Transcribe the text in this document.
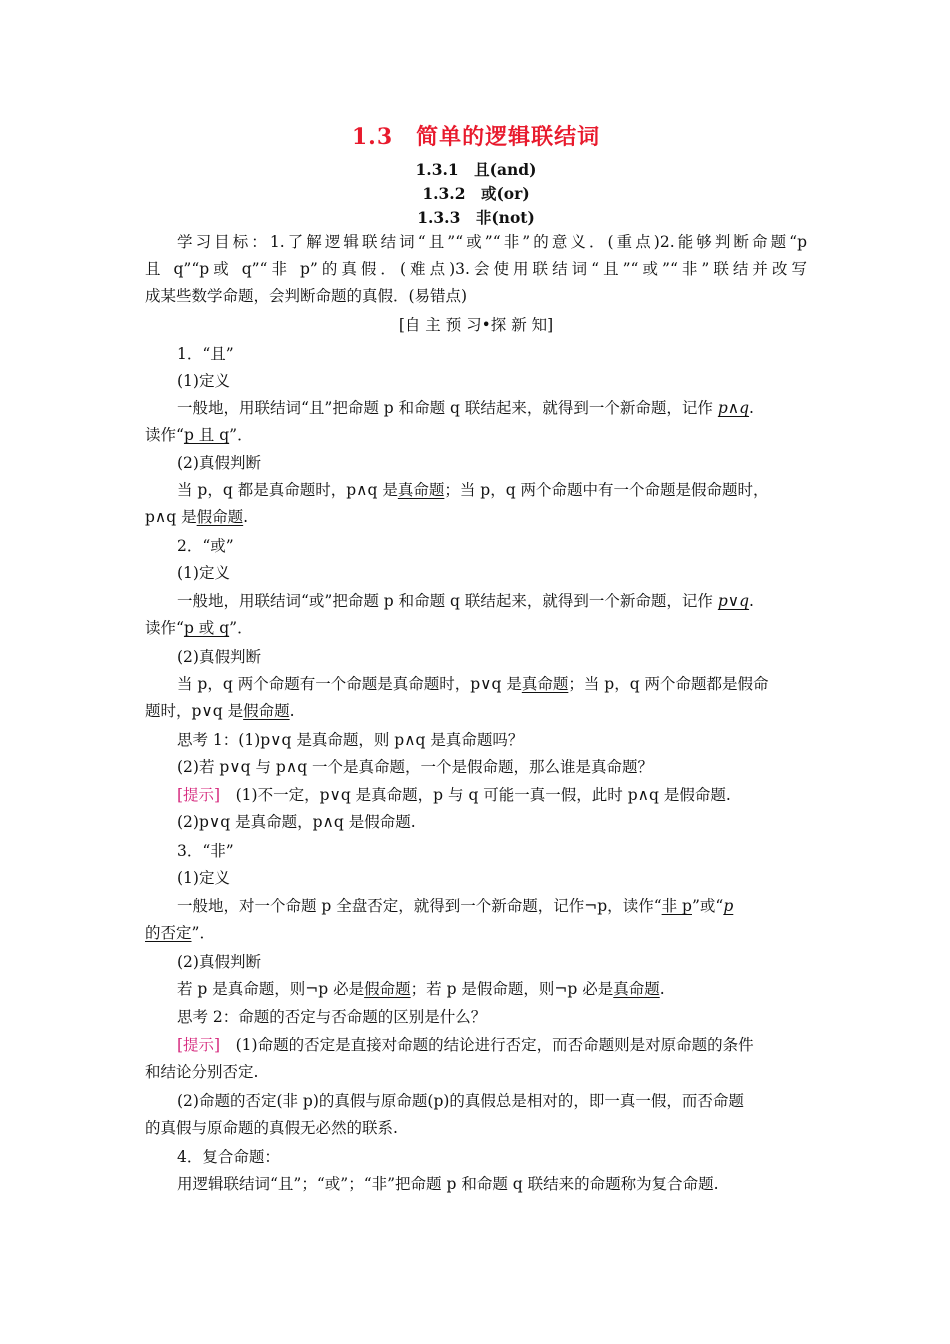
1.3　简单的逻辑联结词
1.3.1　且(and)
1.3.2　或(or)
1.3.3　非(not)
学习目标：1.了解逻辑联结词“且”“或”“非”的意义．(重点)2.能够判断命题“p
且 q”“p或 q”“非 p”的真假．(难点)3.会使用联结词“且”“或”“非”联结并改写
成某些数学命题，会判断命题的真假．(易错点)
[自 主 预 习•探 新 知]
1．“且”
(1)定义
一般地，用联结词“且”把命题 p 和命题 q 联结起来，就得到一个新命题，记作 p∧q.
读作“p 且 q”．
(2)真假判断
当 p，q 都是真命题时，p∧q 是真命题；当 p，q 两个命题中有一个命题是假命题时，
p∧q 是假命题.
2．“或”
(1)定义
一般地，用联结词“或”把命题 p 和命题 q 联结起来，就得到一个新命题，记作 p∨q.
读作“p 或 q”．
(2)真假判断
当 p，q 两个命题有一个命题是真命题时，p∨q 是真命题；当 p，q 两个命题都是假命
题时，p∨q 是假命题.
思考 1：(1)p∨q 是真命题，则 p∧q 是真命题吗？
(2)若 p∨q 与 p∧q 一个是真命题，一个是假命题，那么谁是真命题？
[提示]　(1)不一定，p∨q 是真命题，p 与 q 可能一真一假，此时 p∧q 是假命题.
(2)p∨q 是真命题，p∧q 是假命题.
3．“非”
(1)定义
一般地，对一个命题 p 全盘否定，就得到一个新命题，记作¬p，读作“非 p”或“p
的否定”．
(2)真假判断
若 p 是真命题，则¬p 必是假命题；若 p 是假命题，则¬p 必是真命题.
思考 2：命题的否定与否命题的区别是什么？
[提示]　(1)命题的否定是直接对命题的结论进行否定，而否命题则是对原命题的条件
和结论分别否定.
(2)命题的否定(非 p)的真假与原命题(p)的真假总是相对的，即一真一假，而否命题
的真假与原命题的真假无必然的联系.
4．复合命题：
用逻辑联结词“且”；“或”；“非”把命题 p 和命题 q 联结来的命题称为复合命题.
